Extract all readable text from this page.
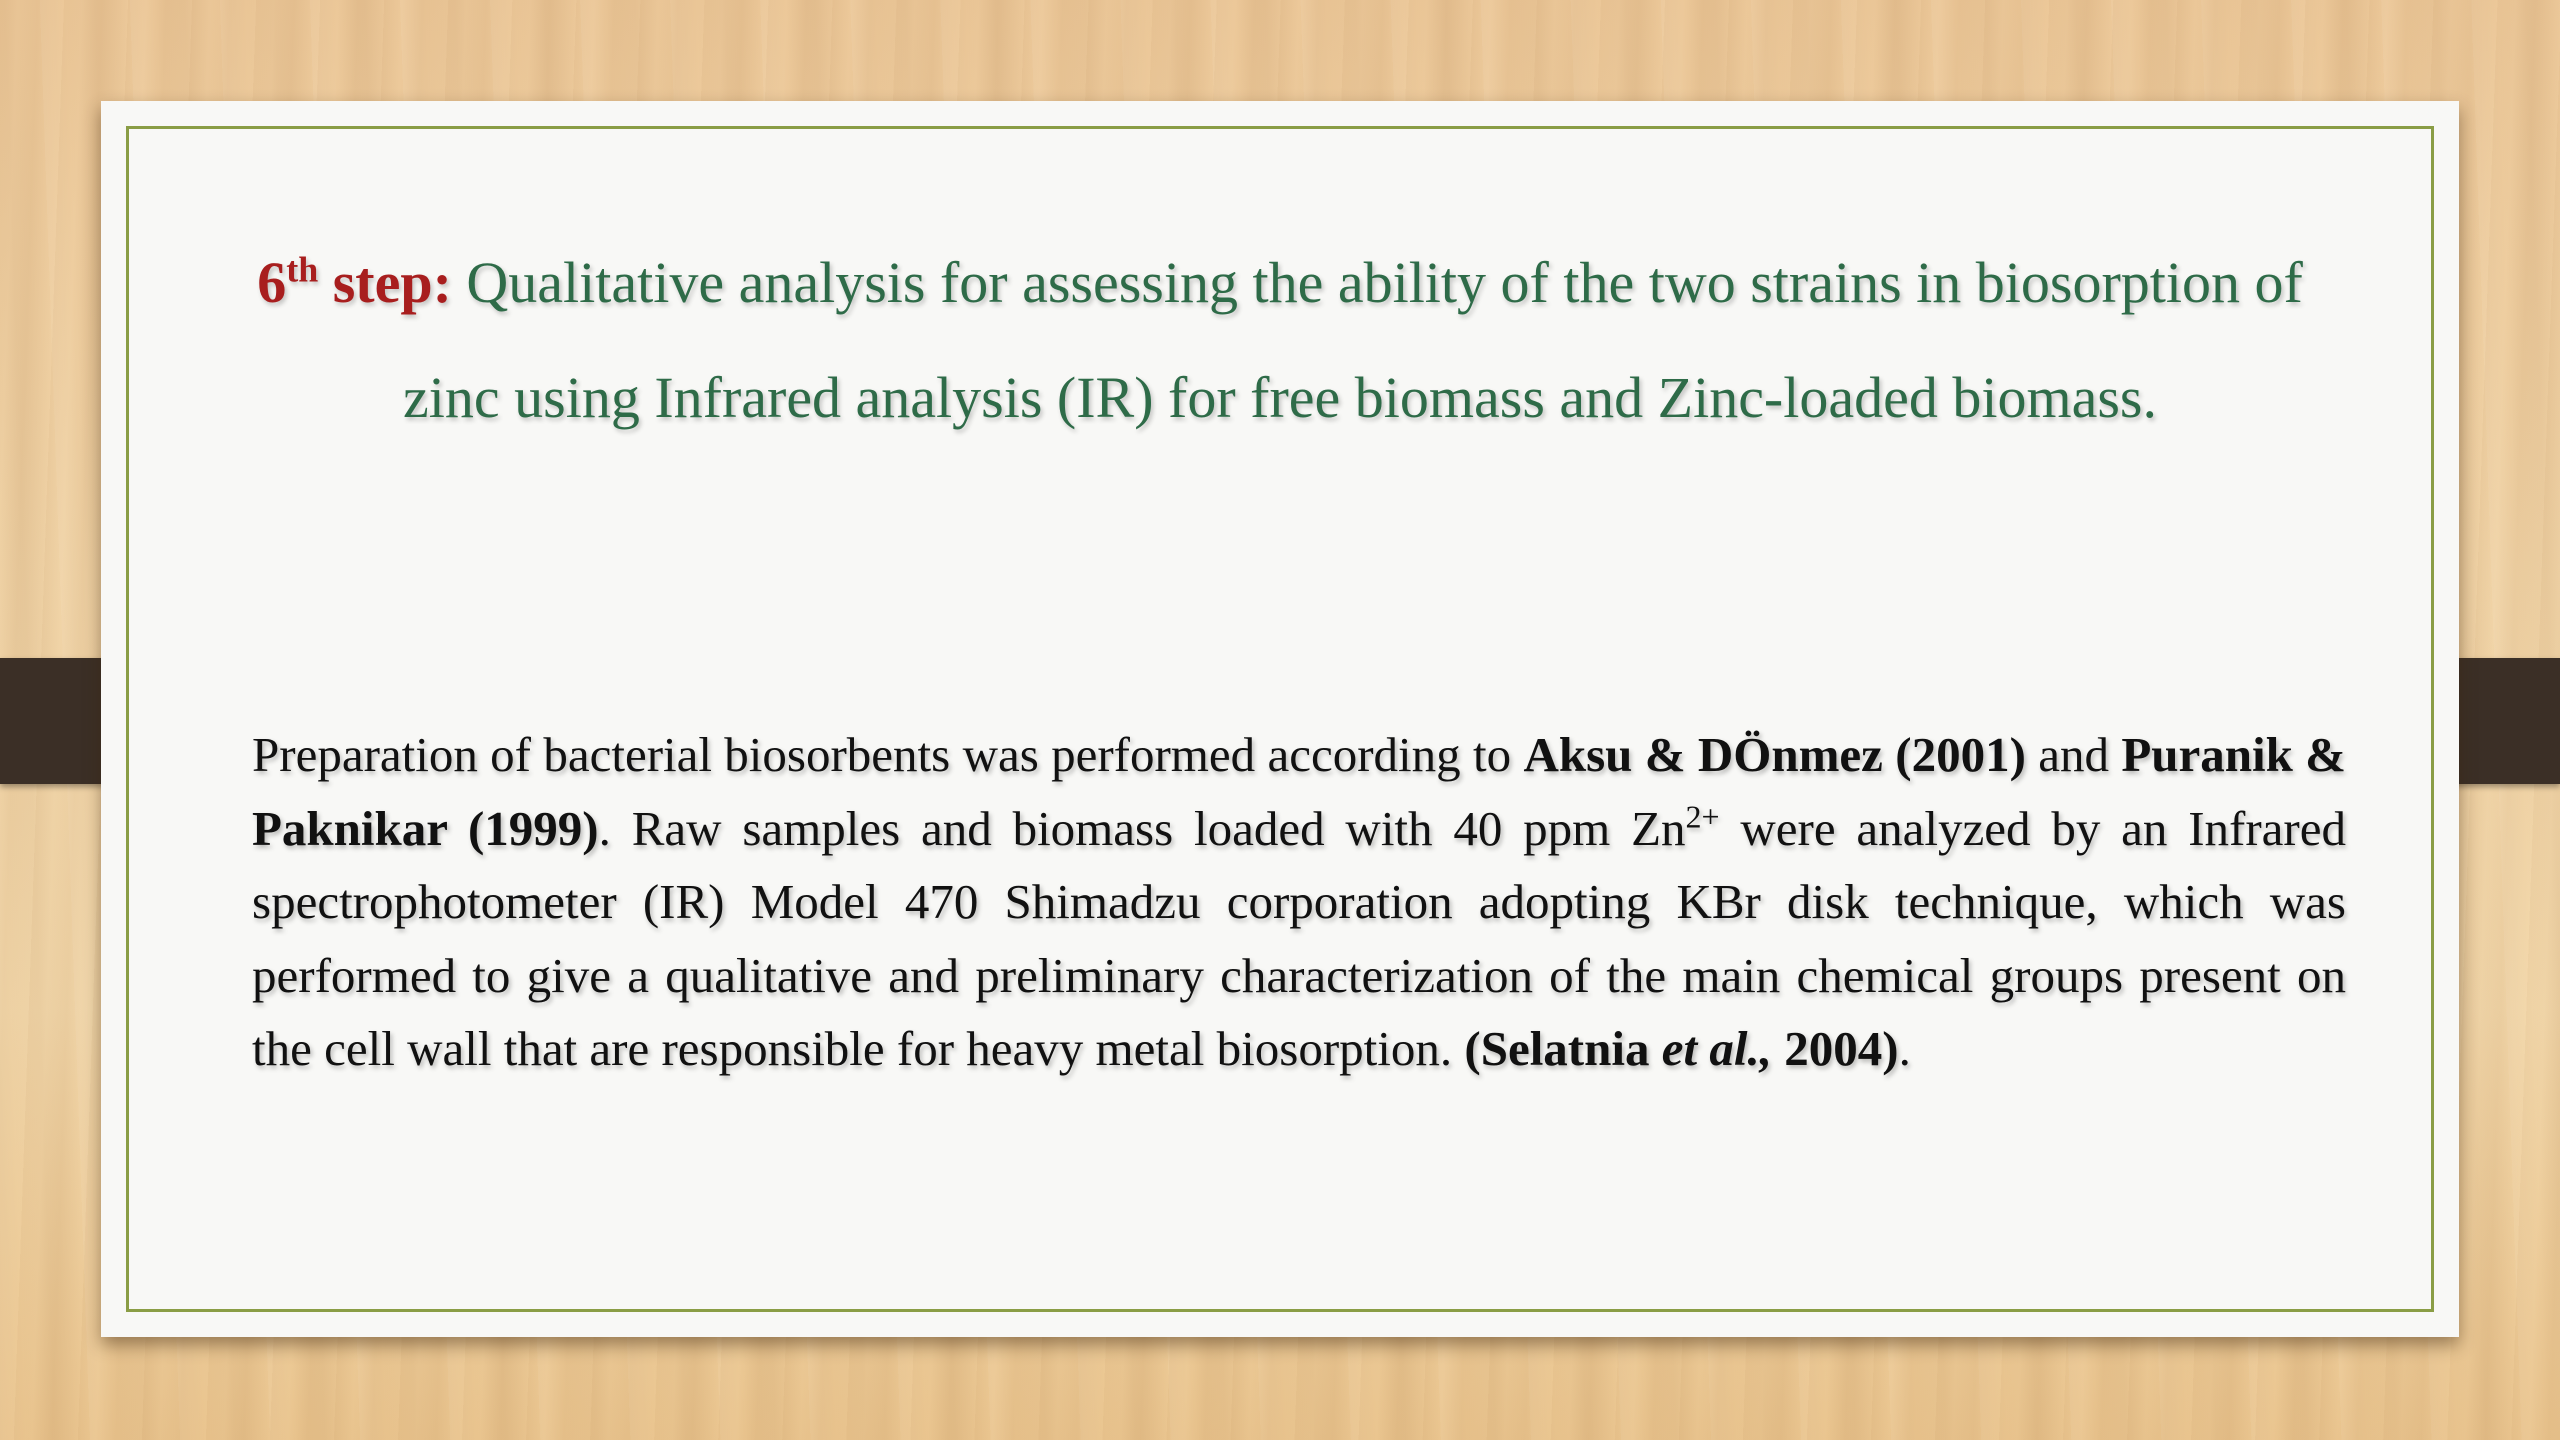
6th step: Qualitative analysis for assessing the ability of the two strains in biosorption of zinc using Infrared analysis (IR) for free biomass and Zinc-loaded biomass.
Preparation of bacterial biosorbents was performed according to Aksu & DÖnmez (2001) and Puranik & Paknikar (1999). Raw samples and biomass loaded with 40 ppm $Zn^{2+}$ were analyzed by an Infrared spectrophotometer (IR) Model 470 Shimadzu corporation adopting KBr disk technique, which was performed to give a qualitative and preliminary characterization of the main chemical groups present on the cell wall that are responsible for heavy metal biosorption. (Selatnia et al., 2004).
